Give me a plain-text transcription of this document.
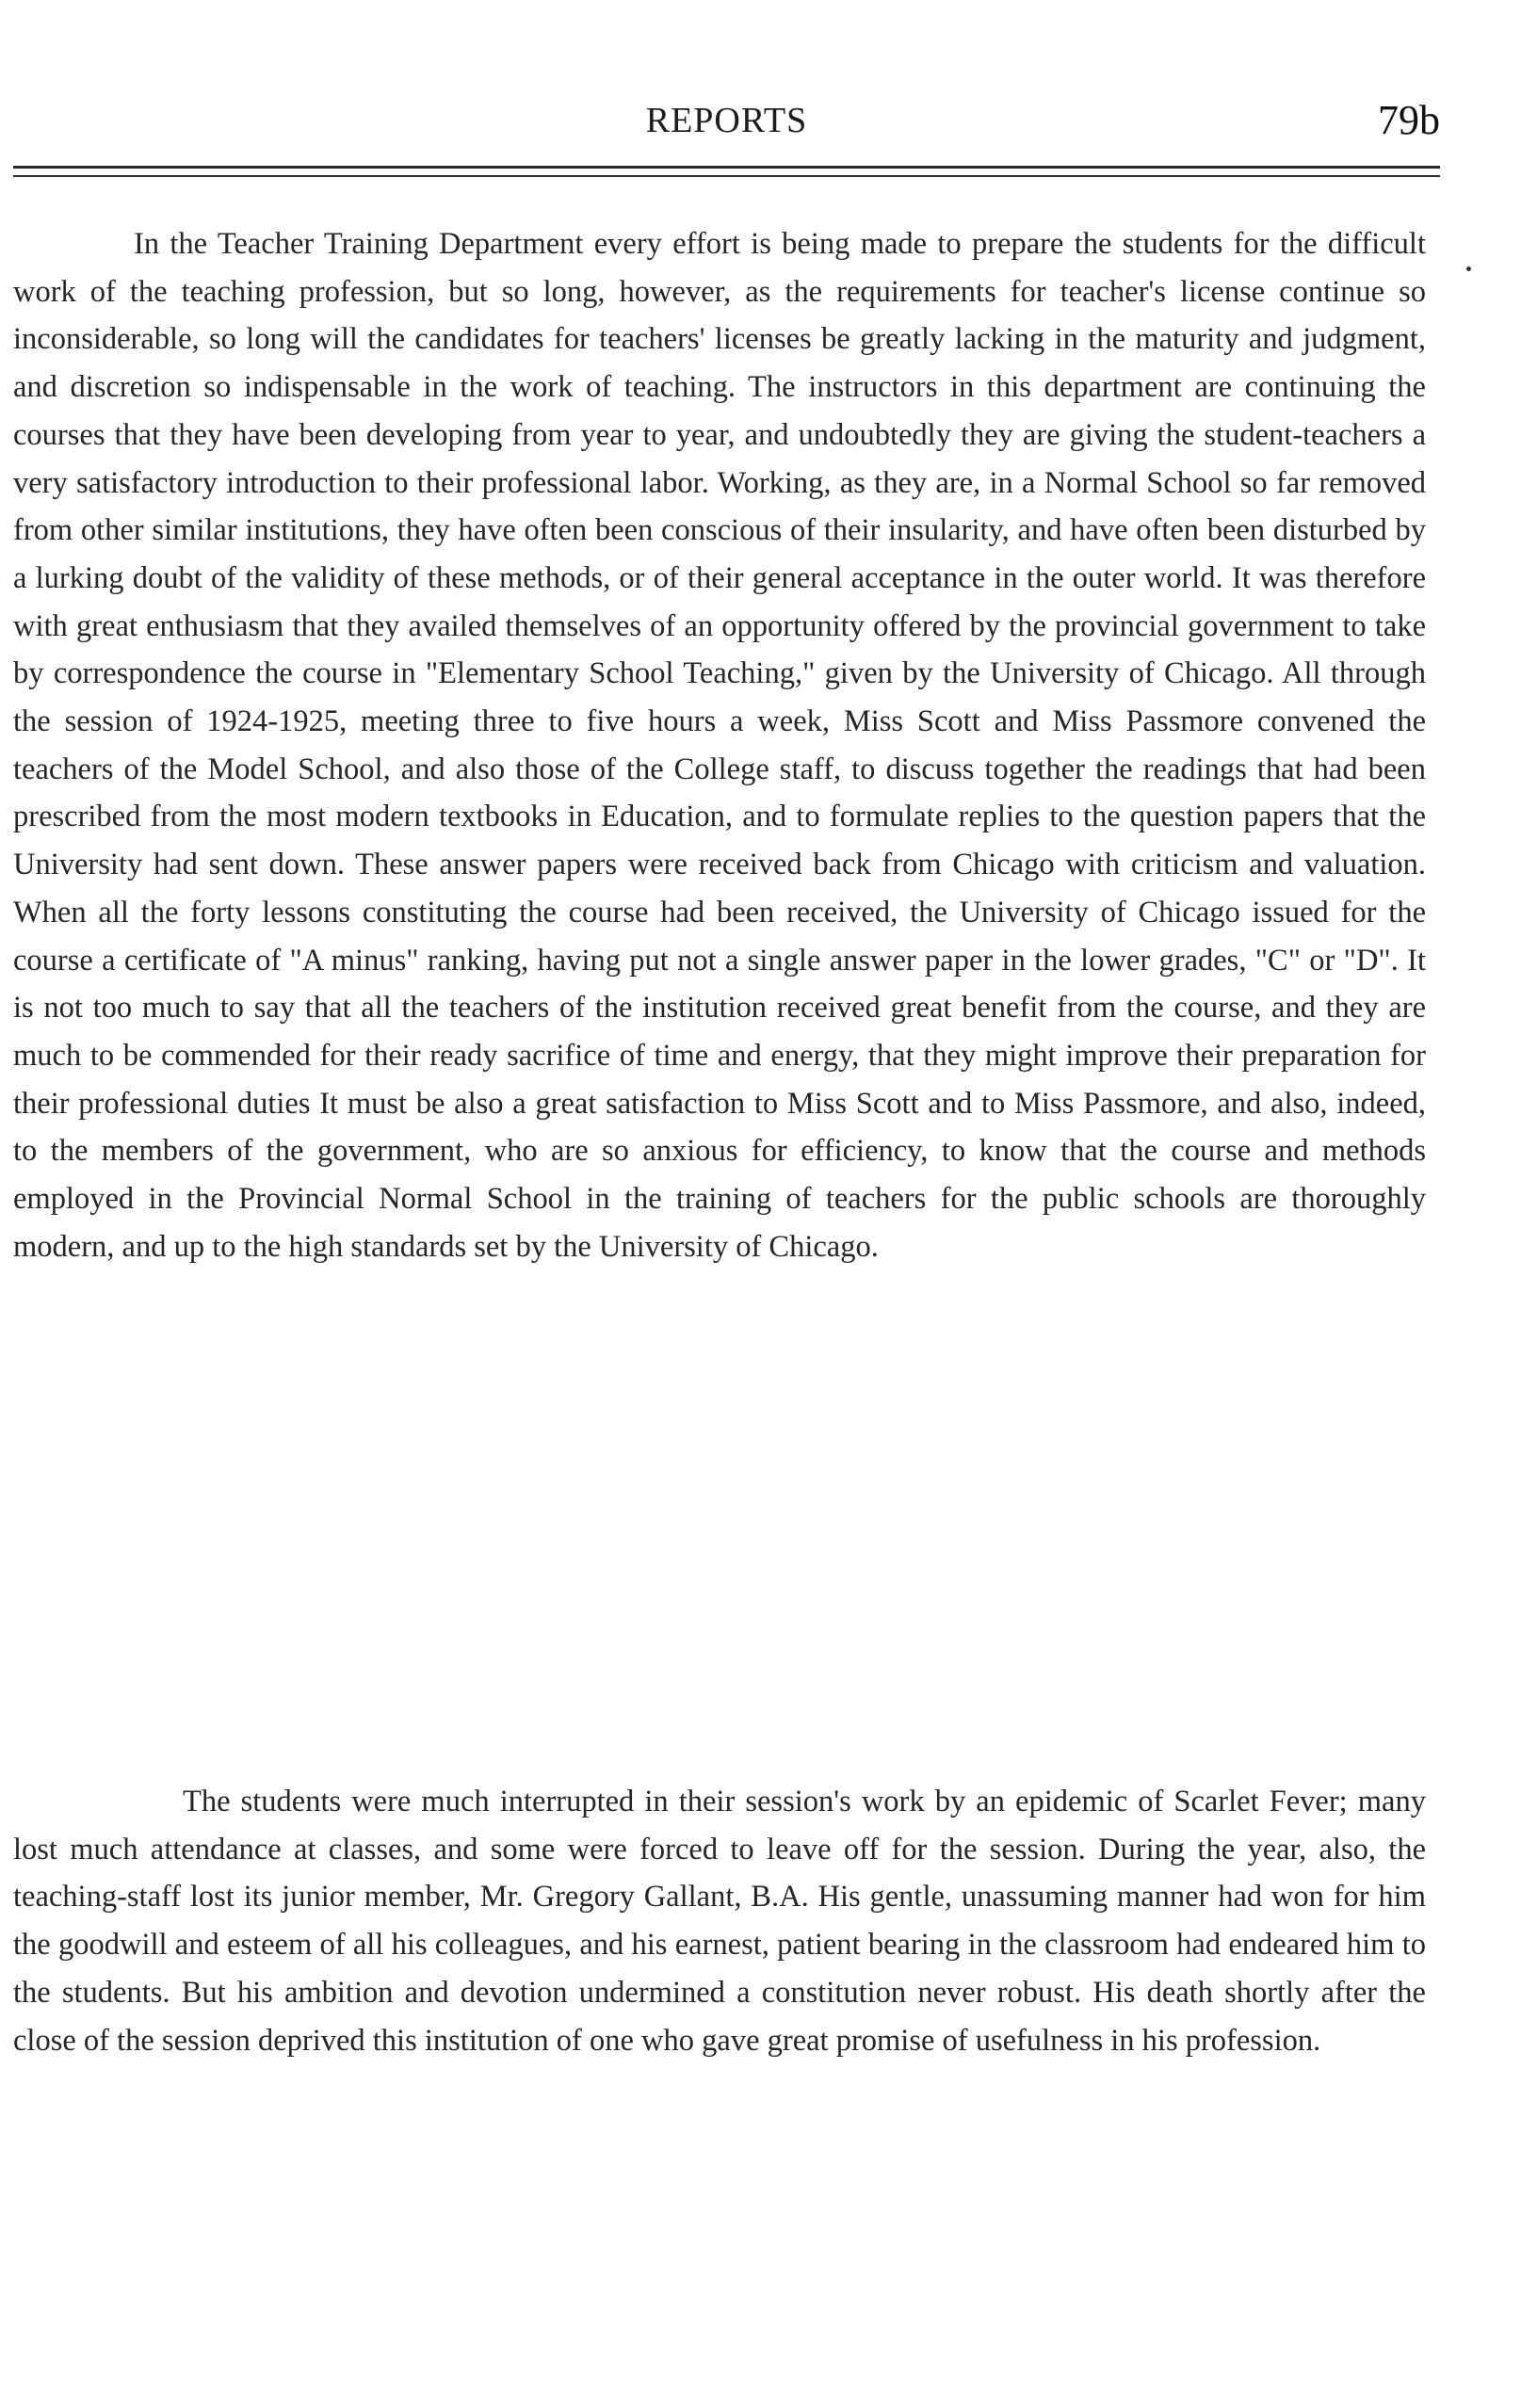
REPORTS	79b

In the Teacher Training Department every effort is being made to prepare the students for the difficult work of the teaching profession, but so long, however, as the requirements for teacher's license continue so inconsiderable, so long will the candidates for teachers' licenses be greatly lacking in the maturity and judgment, and discretion so indispensable in the work of teaching. The instructors in this department are continuing the courses that they have been developing from year to year, and undoubtedly they are giving the student-teachers a very satisfactory introduction to their professional labor. Working, as they are, in a Normal School so far removed from other similar institutions, they have often been conscious of their insularity, and have often been disturbed by a lurking doubt of the validity of these methods, or of their general acceptance in the outer world. It was therefore with great enthusiasm that they availed themselves of an opportunity offered by the provincial government to take by correspondence the course in "Elementary School Teaching," given by the University of Chicago. All through the session of 1924-1925, meeting three to five hours a week, Miss Scott and Miss Passmore convened the teachers of the Model School, and also those of the College staff, to discuss together the readings that had been prescribed from the most modern textbooks in Education, and to formulate replies to the question papers that the University had sent down. These answer papers were received back from Chicago with criticism and valuation. When all the forty lessons constituting the course had been received, the University of Chicago issued for the course a certificate of "A minus" ranking, having put not a single answer paper in the lower grades, "C" or "D". It is not too much to say that all the teachers of the institution received great benefit from the course, and they are much to be commended for their ready sacrifice of time and energy, that they might improve their preparation for their professional duties It must be also a great satisfaction to Miss Scott and to Miss Passmore, and also, indeed, to the members of the government, who are so anxious for efficiency, to know that the course and methods employed in the Provincial Normal School in the training of teachers for the public schools are thoroughly modern, and up to the high standards set by the University of Chicago.

The students were much interrupted in their session's work by an epidemic of Scarlet Fever; many lost much attendance at classes, and some were forced to leave off for the session. During the year, also, the teaching-staff lost its junior member, Mr. Gregory Gallant, B.A. His gentle, unassuming manner had won for him the goodwill and esteem of all his colleagues, and his earnest, patient bearing in the classroom had endeared him to the students. But his ambition and devotion undermined a constitution never robust. His death shortly after the close of the session deprived this institution of one who gave great promise of usefulness in his profession.
